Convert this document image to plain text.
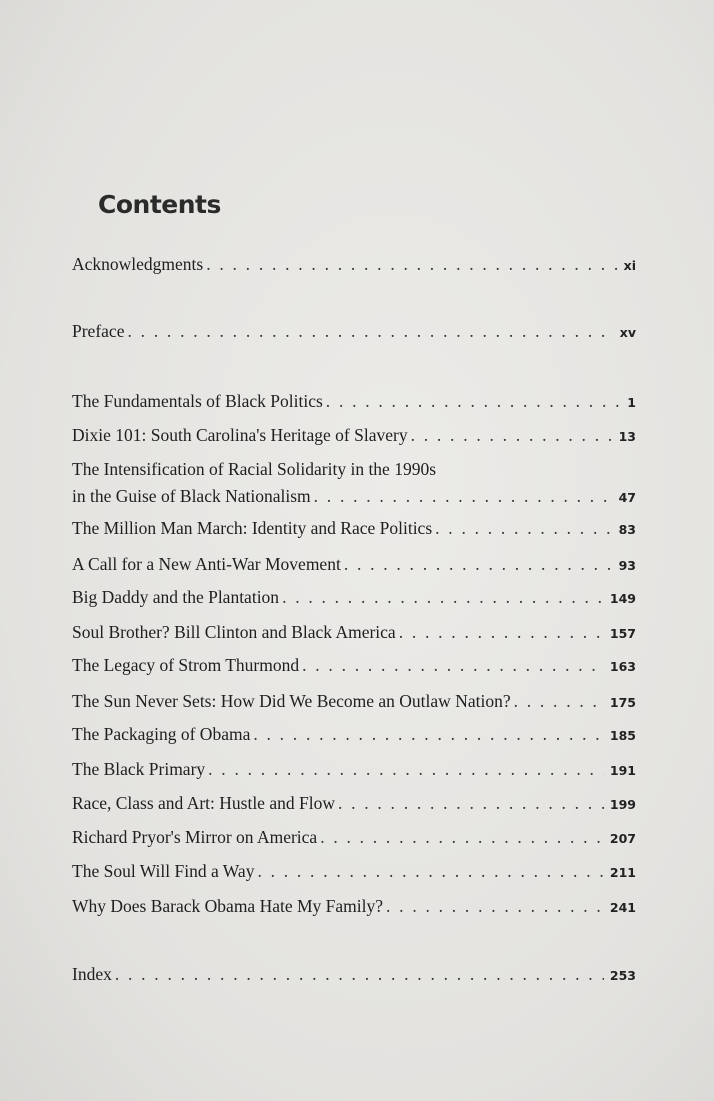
Contents
Acknowledgments . . .	xi
Preface . . .	xv
The Fundamentals of Black Politics . . .	1
Dixie 101: South Carolina's Heritage of Slavery . . .	13
The Intensification of Racial Solidarity in the 1990s
in the Guise of Black Nationalism . . .	47
The Million Man March: Identity and Race Politics . . .	83
A Call for a New Anti-War Movement . . .	93
Big Daddy and the Plantation . . .	149
Soul Brother? Bill Clinton and Black America . . .	157
The Legacy of Strom Thurmond . . .	163
The Sun Never Sets: How Did We Become an Outlaw Nation? . . .	175
The Packaging of Obama . . .	185
The Black Primary . . .	191
Race, Class and Art: Hustle and Flow . . .	199
Richard Pryor's Mirror on America . . .	207
The Soul Will Find a Way . . .	211
Why Does Barack Obama Hate My Family? . . .	241
Index . . .	253
